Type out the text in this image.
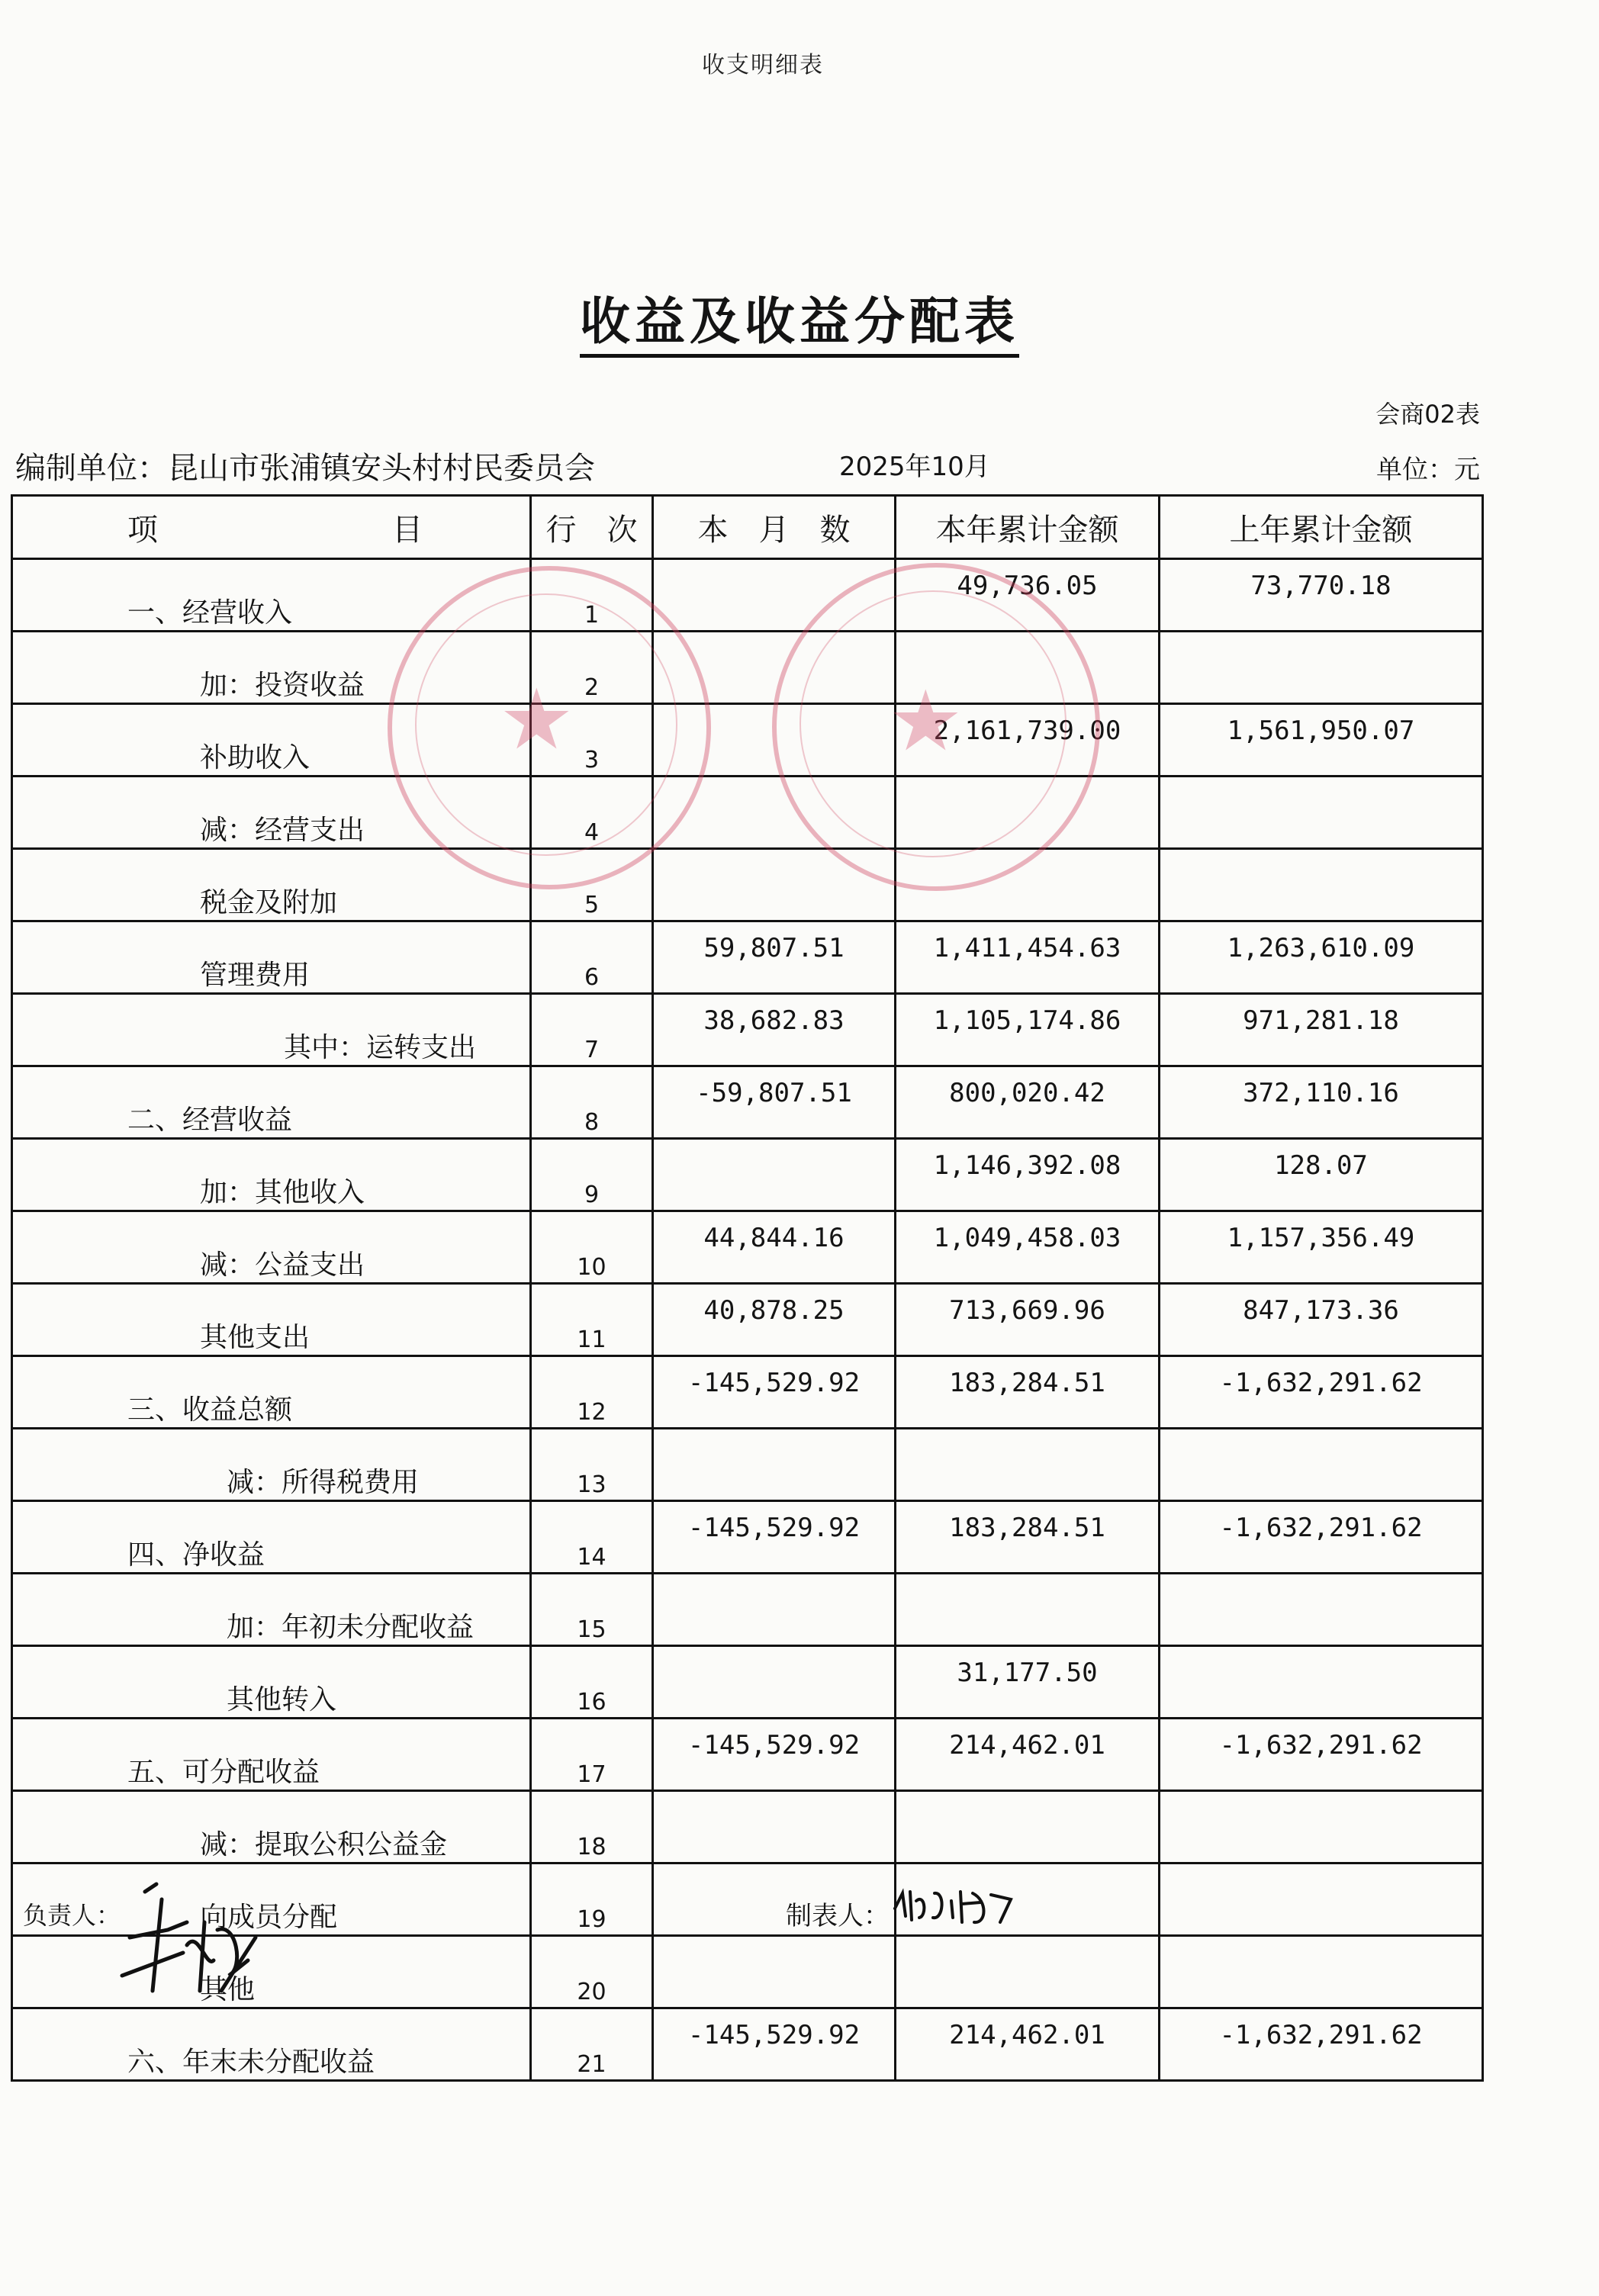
收支明细表
收益及收益分配表
会商02表
编制单位：昆山市张浦镇安头村村民委员会	2025年10月	单位：元
项 目	行　次	本　月　数	本年累计金额	上年累计金额
一、经营收入	1		49,736.05	73,770.18
加：投资收益	2			
补助收入	3		2,161,739.00	1,561,950.07
减：经营支出	4			
税金及附加	5			
管理费用	6	59,807.51	1,411,454.63	1,263,610.09
其中：运转支出	7	38,682.83	1,105,174.86	971,281.18
二、经营收益	8	-59,807.51	800,020.42	372,110.16
加：其他收入	9		1,146,392.08	128.07
减：公益支出	10	44,844.16	1,049,458.03	1,157,356.49
其他支出	11	40,878.25	713,669.96	847,173.36
三、收益总额	12	-145,529.92	183,284.51	-1,632,291.62
减：所得税费用	13			
四、净收益	14	-145,529.92	183,284.51	-1,632,291.62
加：年初未分配收益	15			
其他转入	16		31,177.50	
五、可分配收益	17	-145,529.92	214,462.01	-1,632,291.62
减：提取公积公益金	18			
向成员分配	19			
其他	20			
六、年末未分配收益	21	-145,529.92	214,462.01	-1,632,291.62
★	★
负责人：	制表人：
